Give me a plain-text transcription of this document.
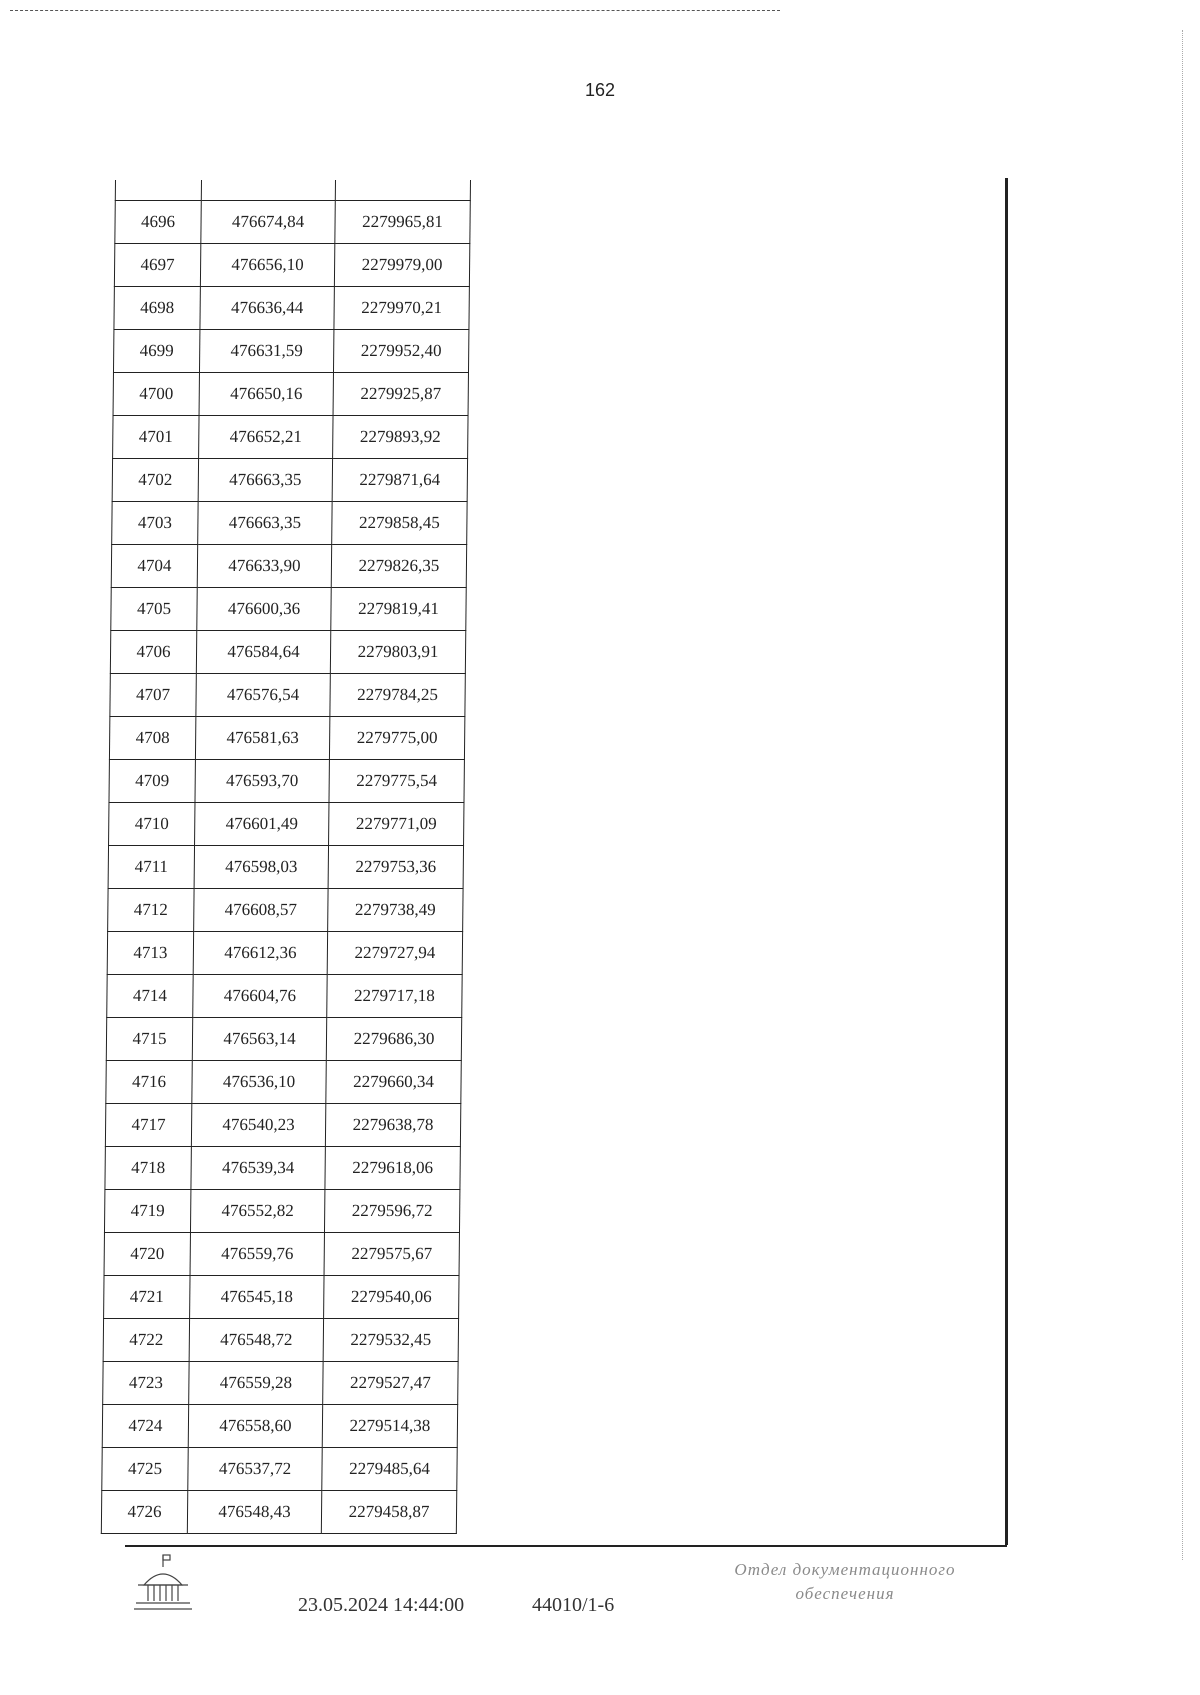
162

4696	476674,84	2279965,81
4697	476656,10	2279979,00
4698	476636,44	2279970,21
4699	476631,59	2279952,40
4700	476650,16	2279925,87
4701	476652,21	2279893,92
4702	476663,35	2279871,64
4703	476663,35	2279858,45
4704	476633,90	2279826,35
4705	476600,36	2279819,41
4706	476584,64	2279803,91
4707	476576,54	2279784,25
4708	476581,63	2279775,00
4709	476593,70	2279775,54
4710	476601,49	2279771,09
4711	476598,03	2279753,36
4712	476608,57	2279738,49
4713	476612,36	2279727,94
4714	476604,76	2279717,18
4715	476563,14	2279686,30
4716	476536,10	2279660,34
4717	476540,23	2279638,78
4718	476539,34	2279618,06
4719	476552,82	2279596,72
4720	476559,76	2279575,67
4721	476545,18	2279540,06
4722	476548,72	2279532,45
4723	476559,28	2279527,47
4724	476558,60	2279514,38
4725	476537,72	2279485,64
4726	476548,43	2279458,87
23.05.2024 14:44:00	44010/1-6
Отдел документационного
обеспечения
